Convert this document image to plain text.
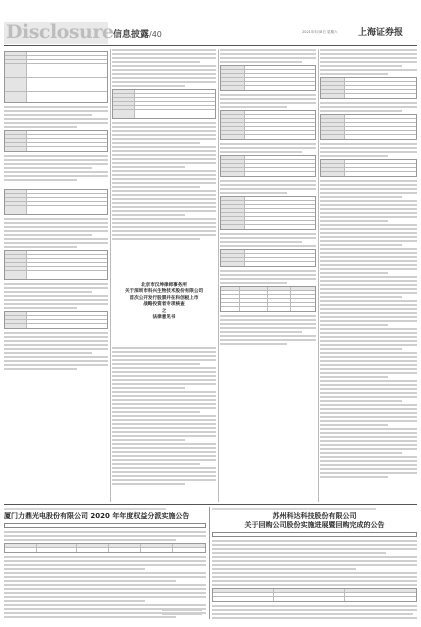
Disclosure 信息披露/40	2021年5月8日 星期六 上海证券报
北京市汉坤律师事务所
关于深圳市科兴生物技术股份有限公司
首次公开发行股票并在科创板上市
战略投资者专项核查
之
法律意见书
厦门力鼎光电股份有限公司 2020 年年度权益分派实施公告	苏州科达科技股份有限公司
关于回购公司股份实施进展暨回购完成的公告
